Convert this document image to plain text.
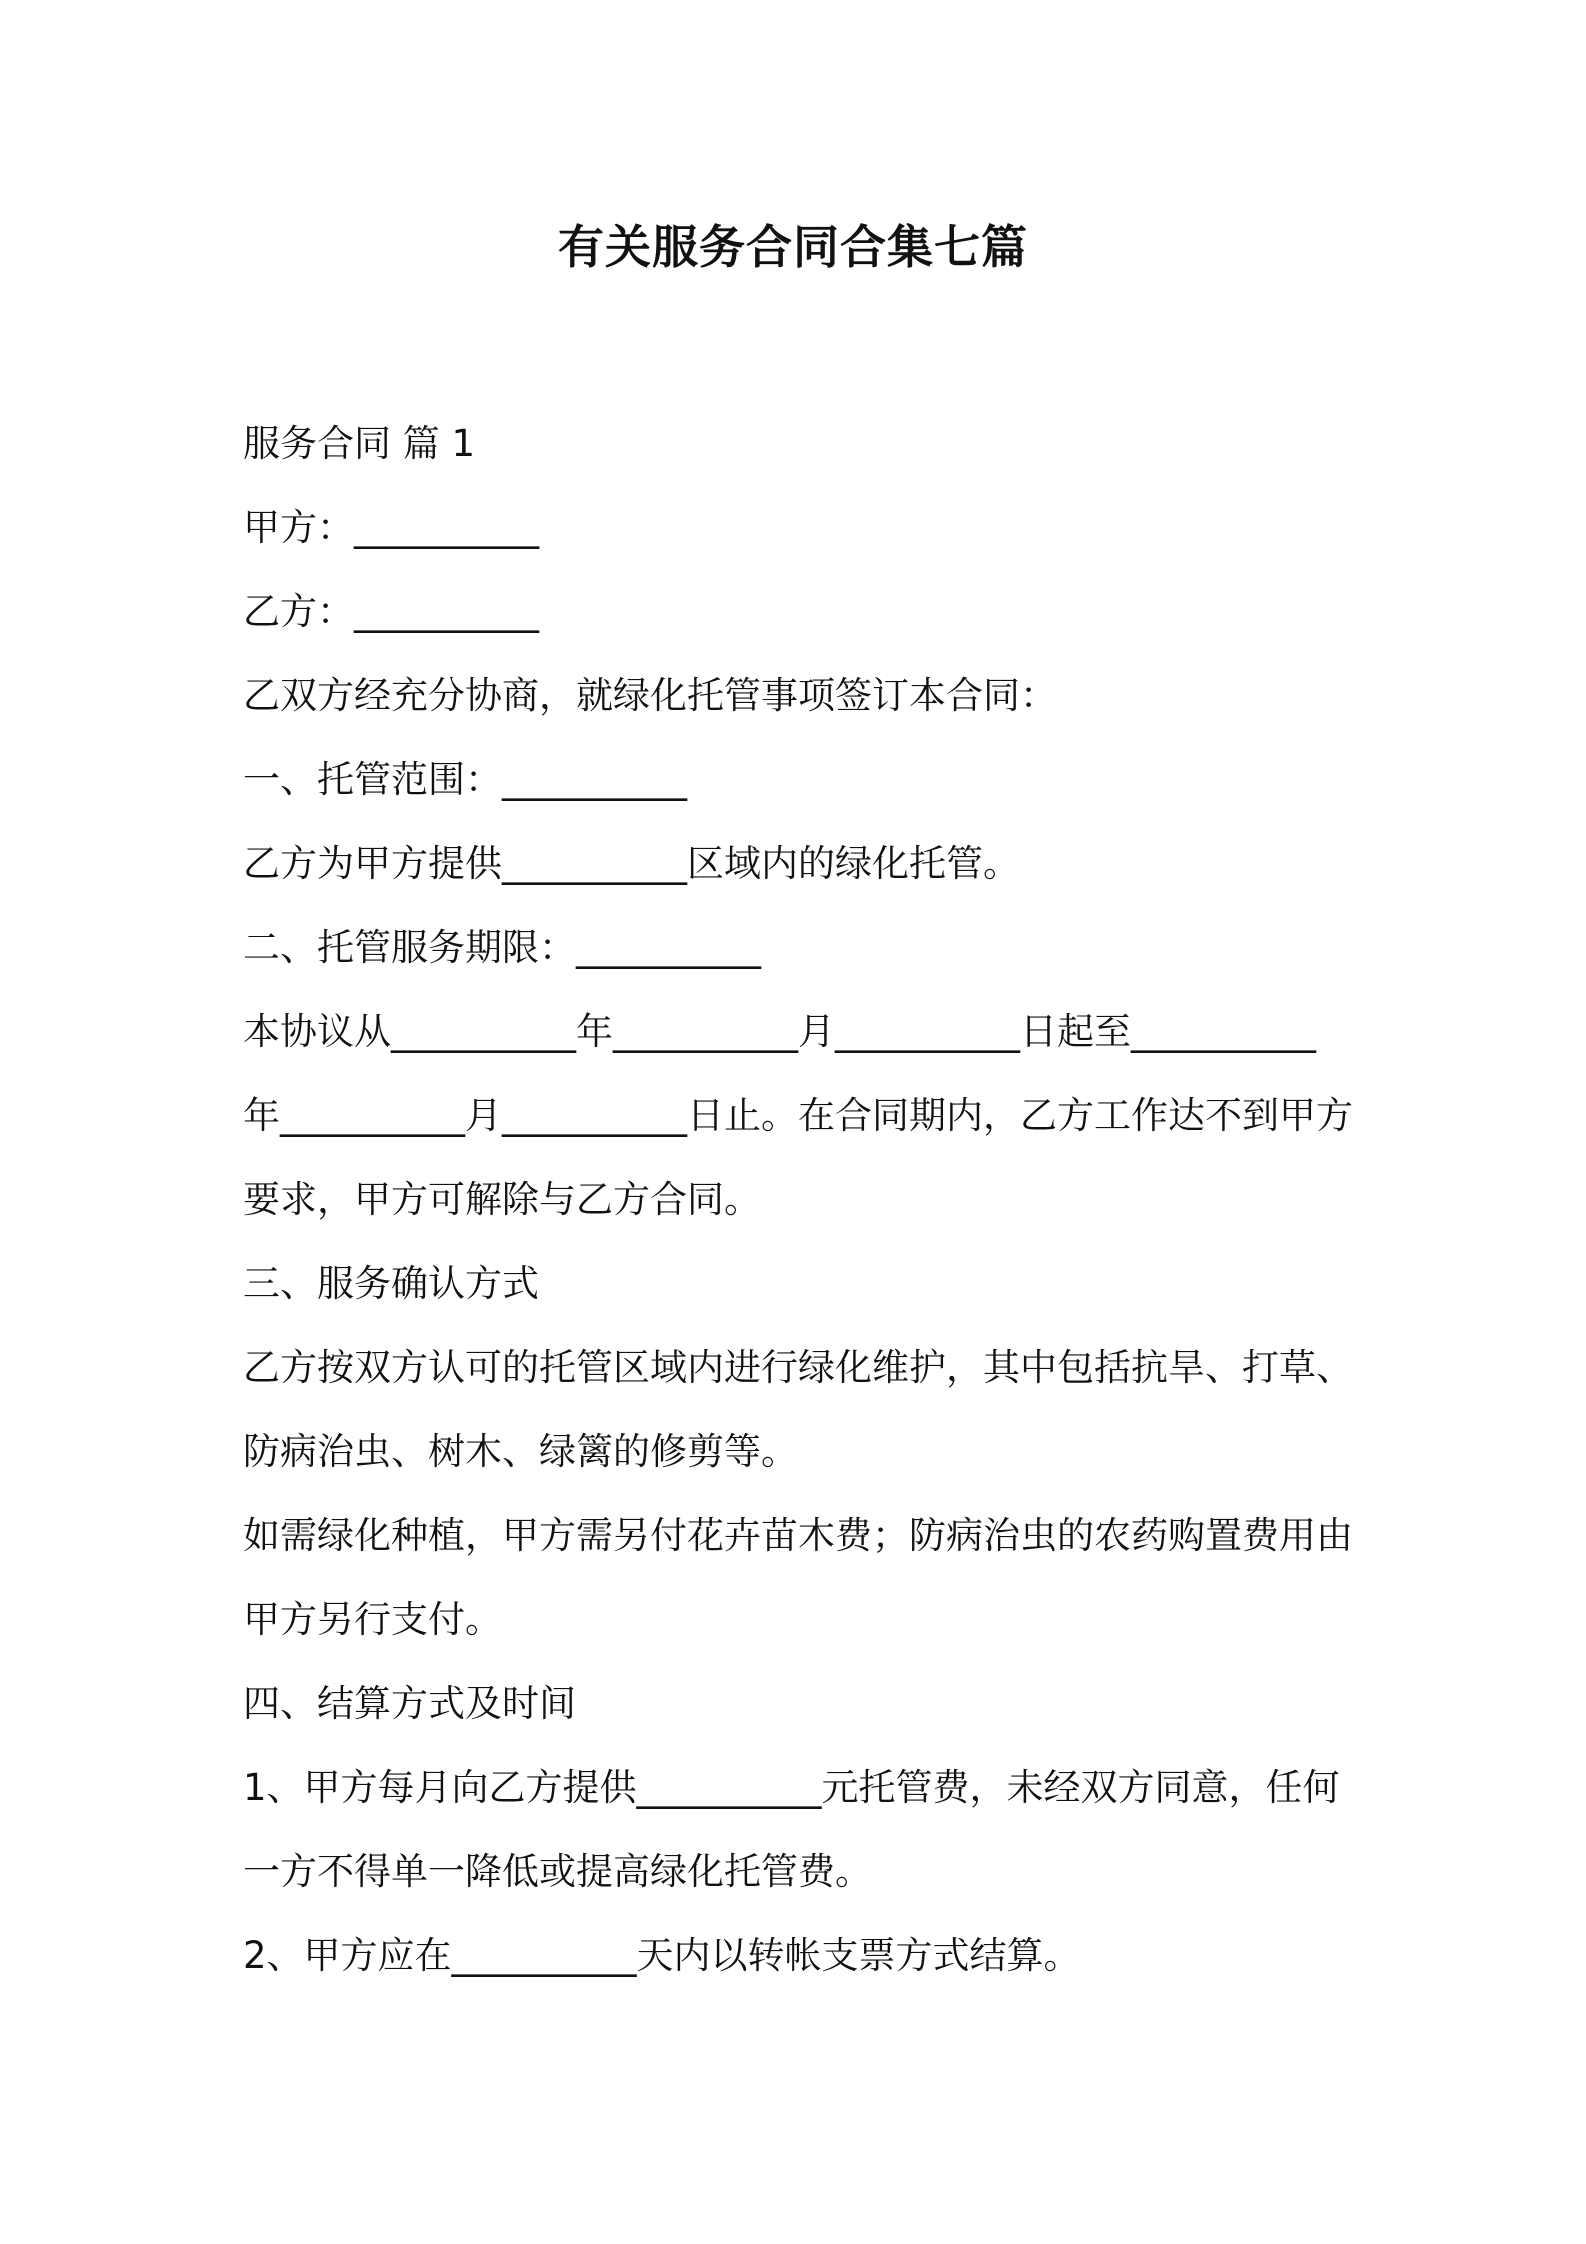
有关服务合同合集七篇

服务合同 篇 1

甲方：__________

乙方：__________

乙双方经充分协商，就绿化托管事项签订本合同：

一、托管范围：__________

乙方为甲方提供__________区域内的绿化托管。

二、托管服务期限：__________

本协议从__________年__________月__________日起至__________

年__________月__________日止。在合同期内，乙方工作达不到甲方

要求，甲方可解除与乙方合同。

三、服务确认方式

乙方按双方认可的托管区域内进行绿化维护，其中包括抗旱、打草、

防病治虫、树木、绿篱的修剪等。

如需绿化种植，甲方需另付花卉苗木费；防病治虫的农药购置费用由

甲方另行支付。

四、结算方式及时间

1、甲方每月向乙方提供__________元托管费，未经双方同意，任何

一方不得单一降低或提高绿化托管费。

2、甲方应在__________天内以转帐支票方式结算。
